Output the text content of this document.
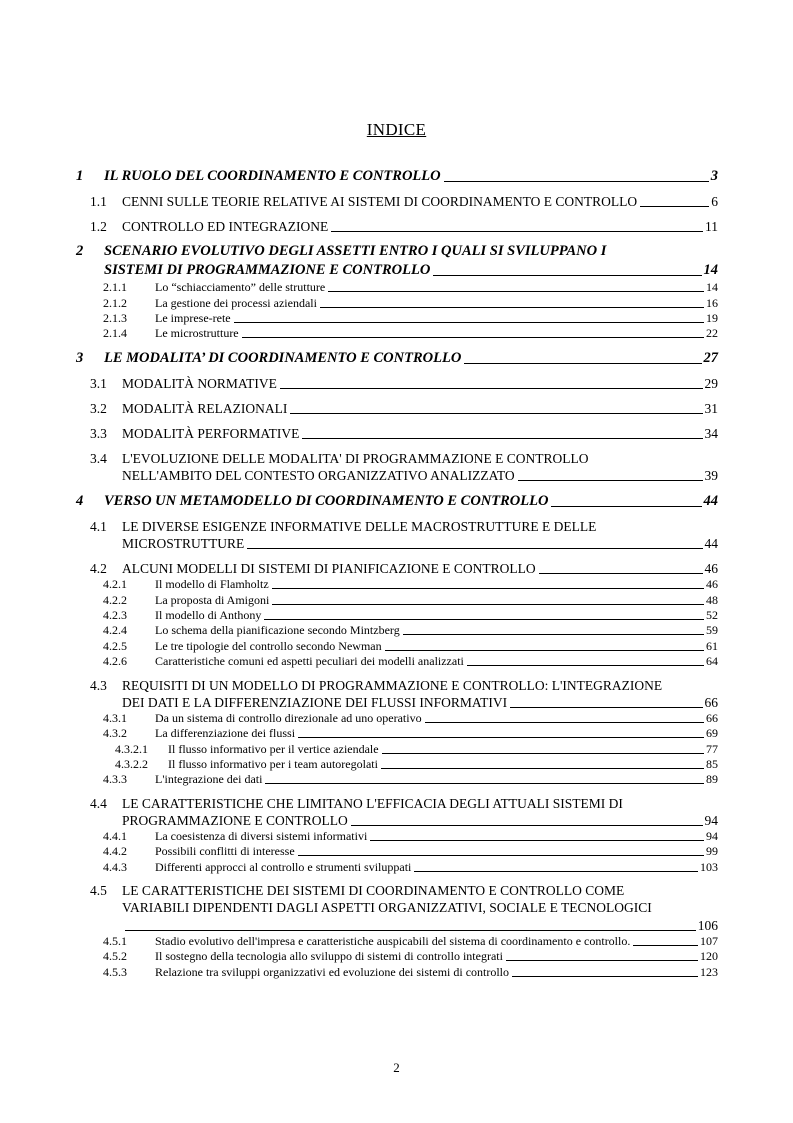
INDICE
1 IL RUOLO DEL COORDINAMENTO E CONTROLLO	3
1.1 CENNI SULLE TEORIE RELATIVE AI SISTEMI DI COORDINAMENTO E CONTROLLO	6
1.2 CONTROLLO ED INTEGRAZIONE	11
2 SCENARIO EVOLUTIVO DEGLI ASSETTI ENTRO I QUALI SI SVILUPPANO I
SISTEMI DI PROGRAMMAZIONE E CONTROLLO	14
2.1.1 Lo “schiacciamento” delle strutture	14
2.1.2 La gestione dei processi aziendali	16
2.1.3 Le imprese-rete	19
2.1.4 Le microstrutture	22
3 LE MODALITA’ DI COORDINAMENTO E CONTROLLO	27
3.1 MODALITÀ NORMATIVE	29
3.2 MODALITÀ RELAZIONALI	31
3.3 MODALITÀ PERFORMATIVE	34
3.4 L'EVOLUZIONE DELLE MODALITA' DI PROGRAMMAZIONE E CONTROLLO
NELL'AMBITO DEL CONTESTO ORGANIZZATIVO ANALIZZATO	39
4 VERSO UN METAMODELLO DI COORDINAMENTO E CONTROLLO	44
4.1 LE DIVERSE ESIGENZE INFORMATIVE DELLE MACROSTRUTTURE E DELLE
MICROSTRUTTURE	44
4.2 ALCUNI MODELLI DI SISTEMI DI PIANIFICAZIONE E CONTROLLO	46
4.2.1 Il modello di Flamholtz	46
4.2.2 La proposta di Amigoni	48
4.2.3 Il modello di Anthony	52
4.2.4 Lo schema della pianificazione secondo Mintzberg	59
4.2.5 Le tre tipologie del controllo secondo Newman	61
4.2.6 Caratteristiche comuni ed aspetti peculiari dei modelli analizzati	64
4.3 REQUISITI DI UN MODELLO DI PROGRAMMAZIONE E CONTROLLO: L'INTEGRAZIONE
DEI DATI E LA DIFFERENZIAZIONE DEI FLUSSI INFORMATIVI	66
4.3.1 Da un sistema di controllo direzionale ad uno operativo	66
4.3.2 La differenziazione dei flussi	69
4.3.2.1 Il flusso informativo per il vertice aziendale	77
4.3.2.2 Il flusso informativo per i team autoregolati	85
4.3.3 L'integrazione dei dati	89
4.4 LE CARATTERISTICHE CHE LIMITANO L'EFFICACIA DEGLI ATTUALI SISTEMI DI
PROGRAMMAZIONE E CONTROLLO	94
4.4.1 La coesistenza di diversi sistemi informativi	94
4.4.2 Possibili conflitti di interesse	99
4.4.3 Differenti approcci al controllo e strumenti sviluppati	103
4.5 LE CARATTERISTICHE DEI SISTEMI DI COORDINAMENTO E CONTROLLO COME
VARIABILI DIPENDENTI DAGLI ASPETTI ORGANIZZATIVI, SOCIALE E TECNOLOGICI
106
4.5.1 Stadio evolutivo dell'impresa e caratteristiche auspicabili del sistema di coordinamento e controllo.	107
4.5.2 Il sostegno della tecnologia allo sviluppo di sistemi di controllo integrati	120
4.5.3 Relazione tra sviluppi organizzativi ed evoluzione dei sistemi di controllo	123
2
